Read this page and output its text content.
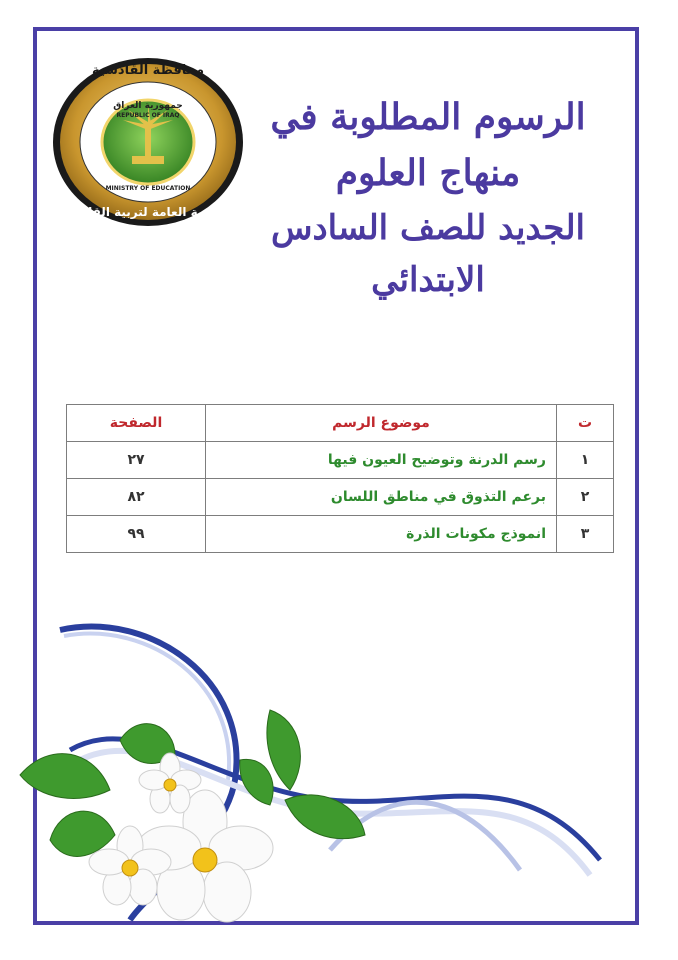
جمهورية العراق
REPUBLIC OF IRAQ
MINISTRY OF EDUCATION
محافظة القادسية
المديرية العامة لتربية القادسية
الرسوم المطلوبة في منهاج العلوم
الجديد للصف السادس الابتدائي
ت	موضوع الرسم	الصفحة
١	رسم الدرنة وتوضيح العيون فيها	٢٧
٢	برعم التذوق في مناطق اللسان	٨٢
٣	انموذج مكونات الذرة	٩٩
